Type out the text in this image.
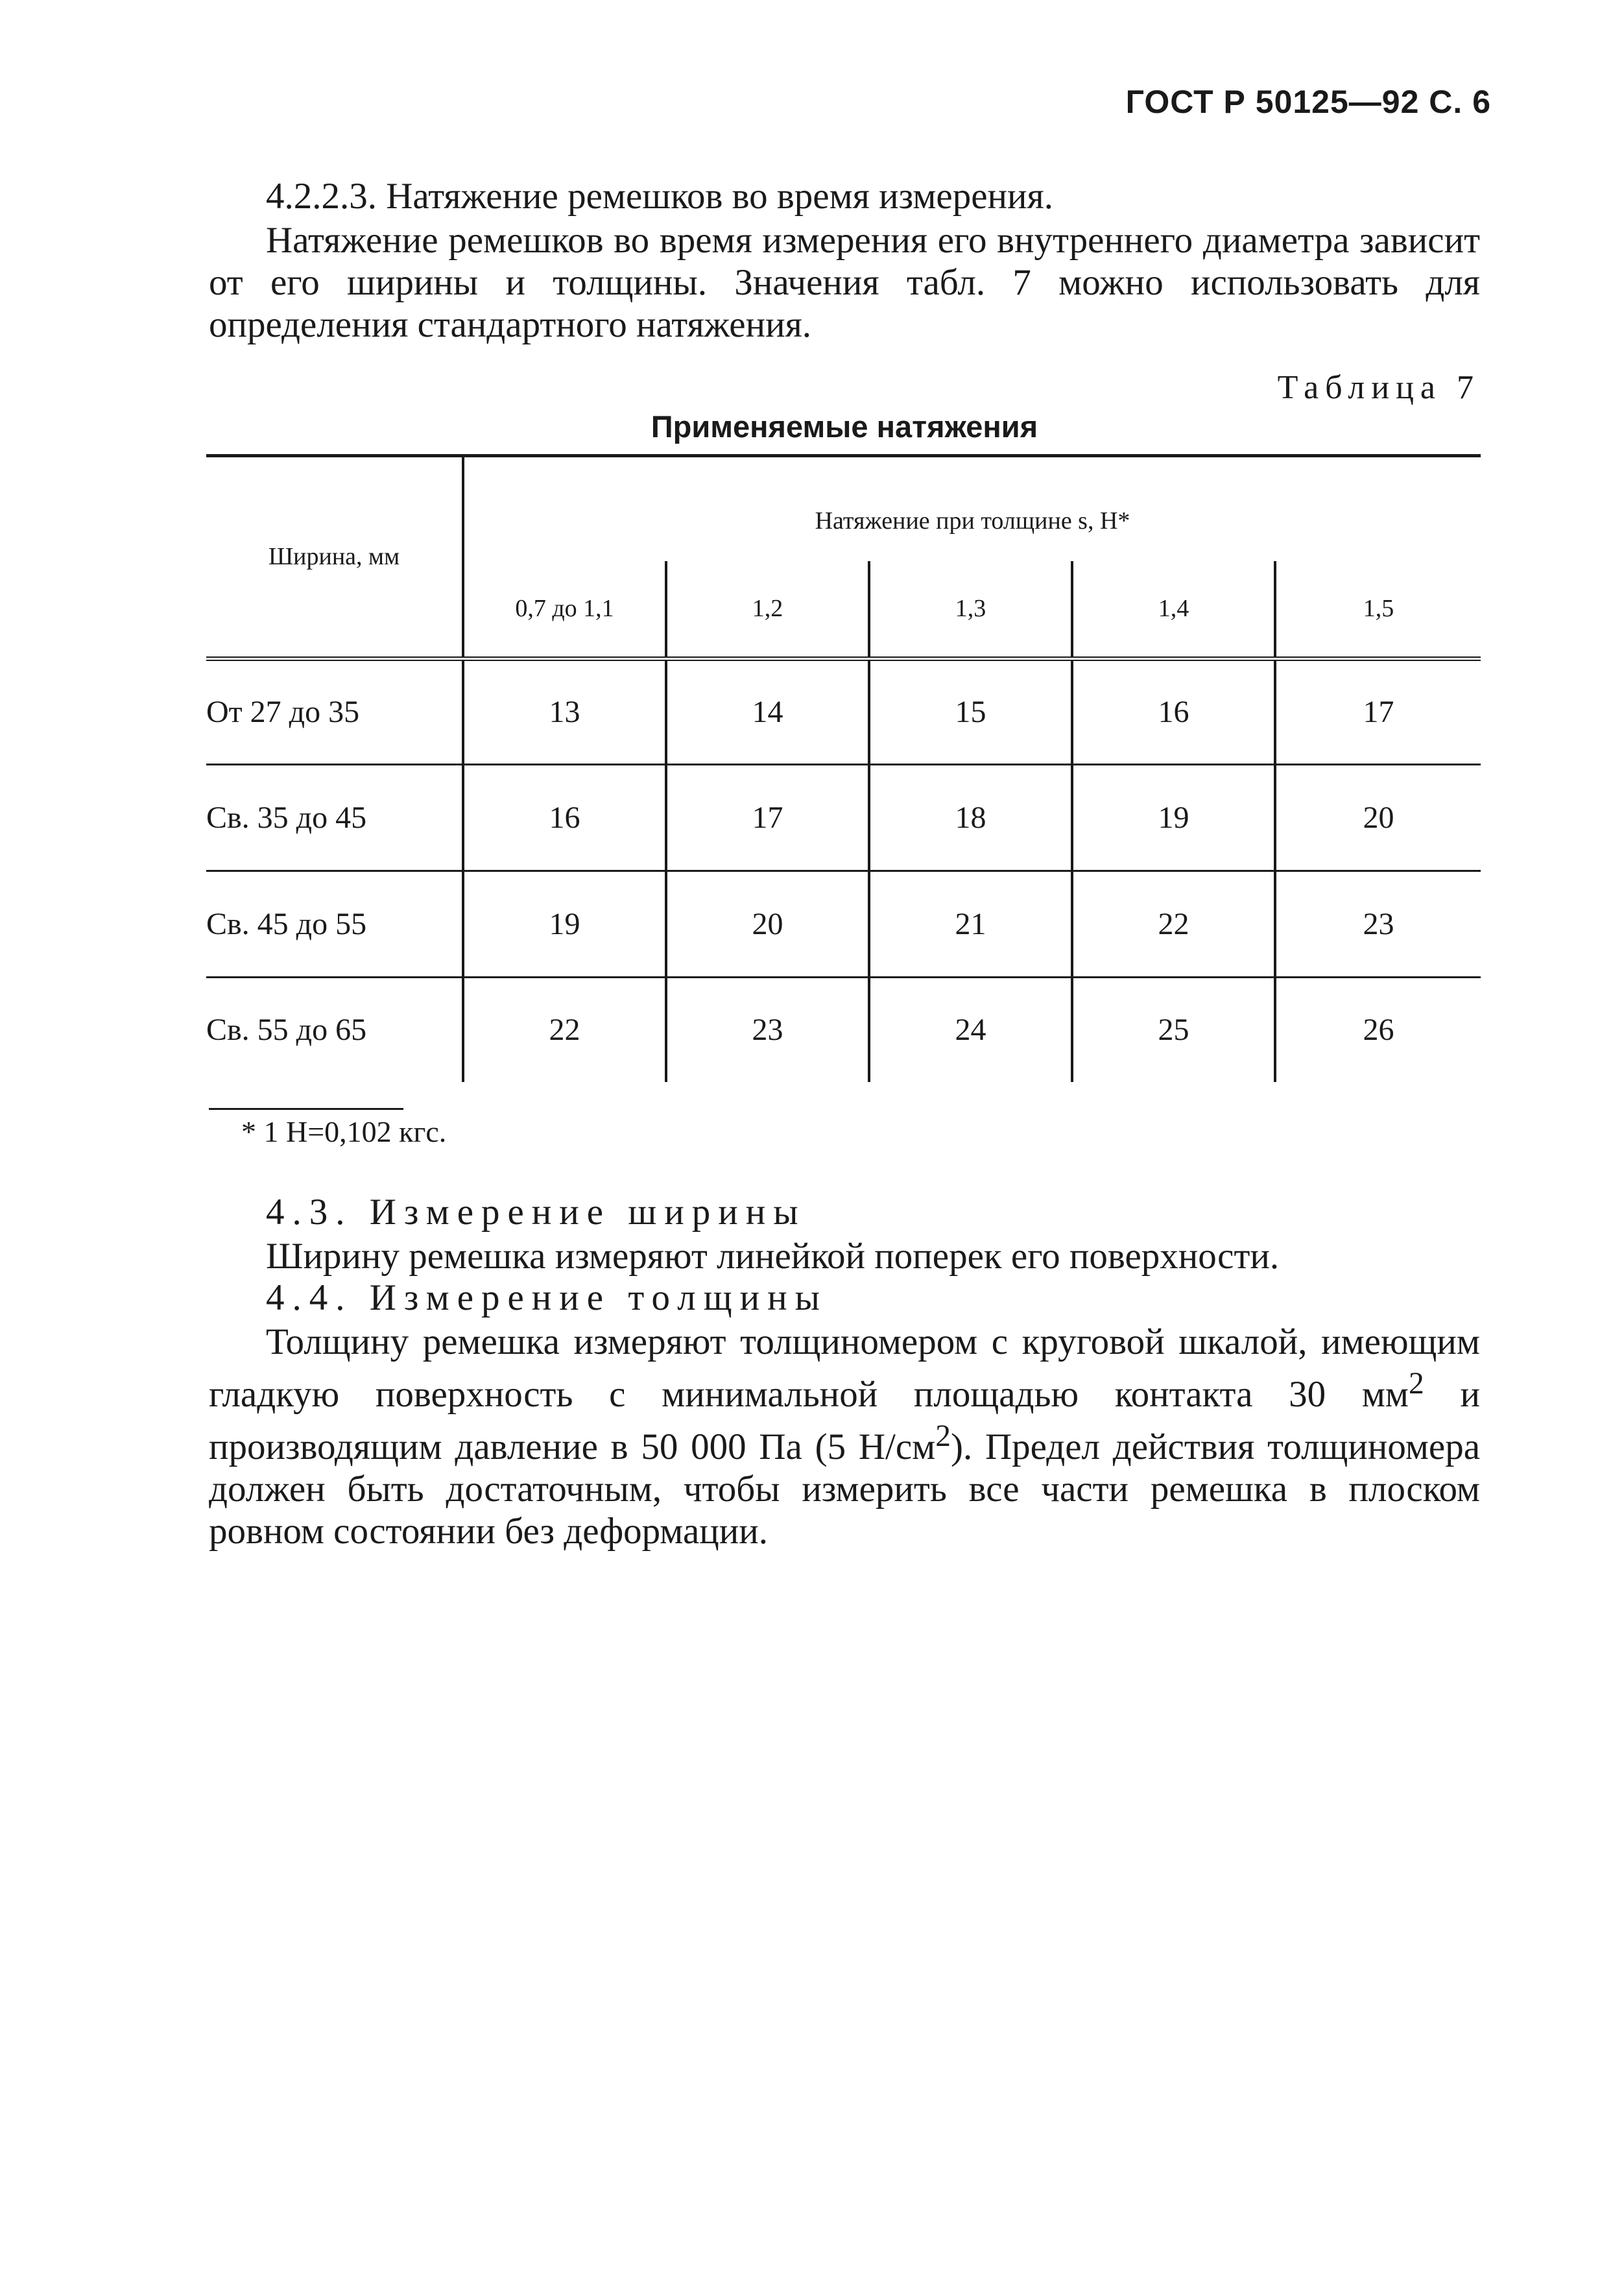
ГОСТ Р 50125—92 С. 6
4.2.2.3. Натяжение ремешков во время измерения.

Натяжение ремешков во время измерения его внутреннего диаметра зависит от его ширины и толщины. Значения табл. 7 можно использовать для определения стандартного натяжения.

Таблица 7
Применяемые натяжения

Ширина, мм	Натяжение при толщине s, Н*				
	0,7 до 1,1	1,2	1,3	1,4	1,5
От 27 до 35	13	14	15	16	17
Св. 35 до 45	16	17	18	19	20
Св. 45 до 55	19	20	21	22	23
Св. 55 до 65	22	23	24	25	26
* 1 Н=0,102 кгс.
4.3. Измерение ширины

Ширину ремешка измеряют линейкой поперек его поверхности.

4.4. Измерение толщины

Толщину ремешка измеряют толщиномером с круговой шкалой, имеющим гладкую поверхность с минимальной площадью контакта 30 $мм^2$ и производящим давление в 50 000 Па (5 $Н/см^2$). Предел действия толщиномера должен быть достаточным, чтобы измерить все части ремешка в плоском ровном состоянии без деформации.
